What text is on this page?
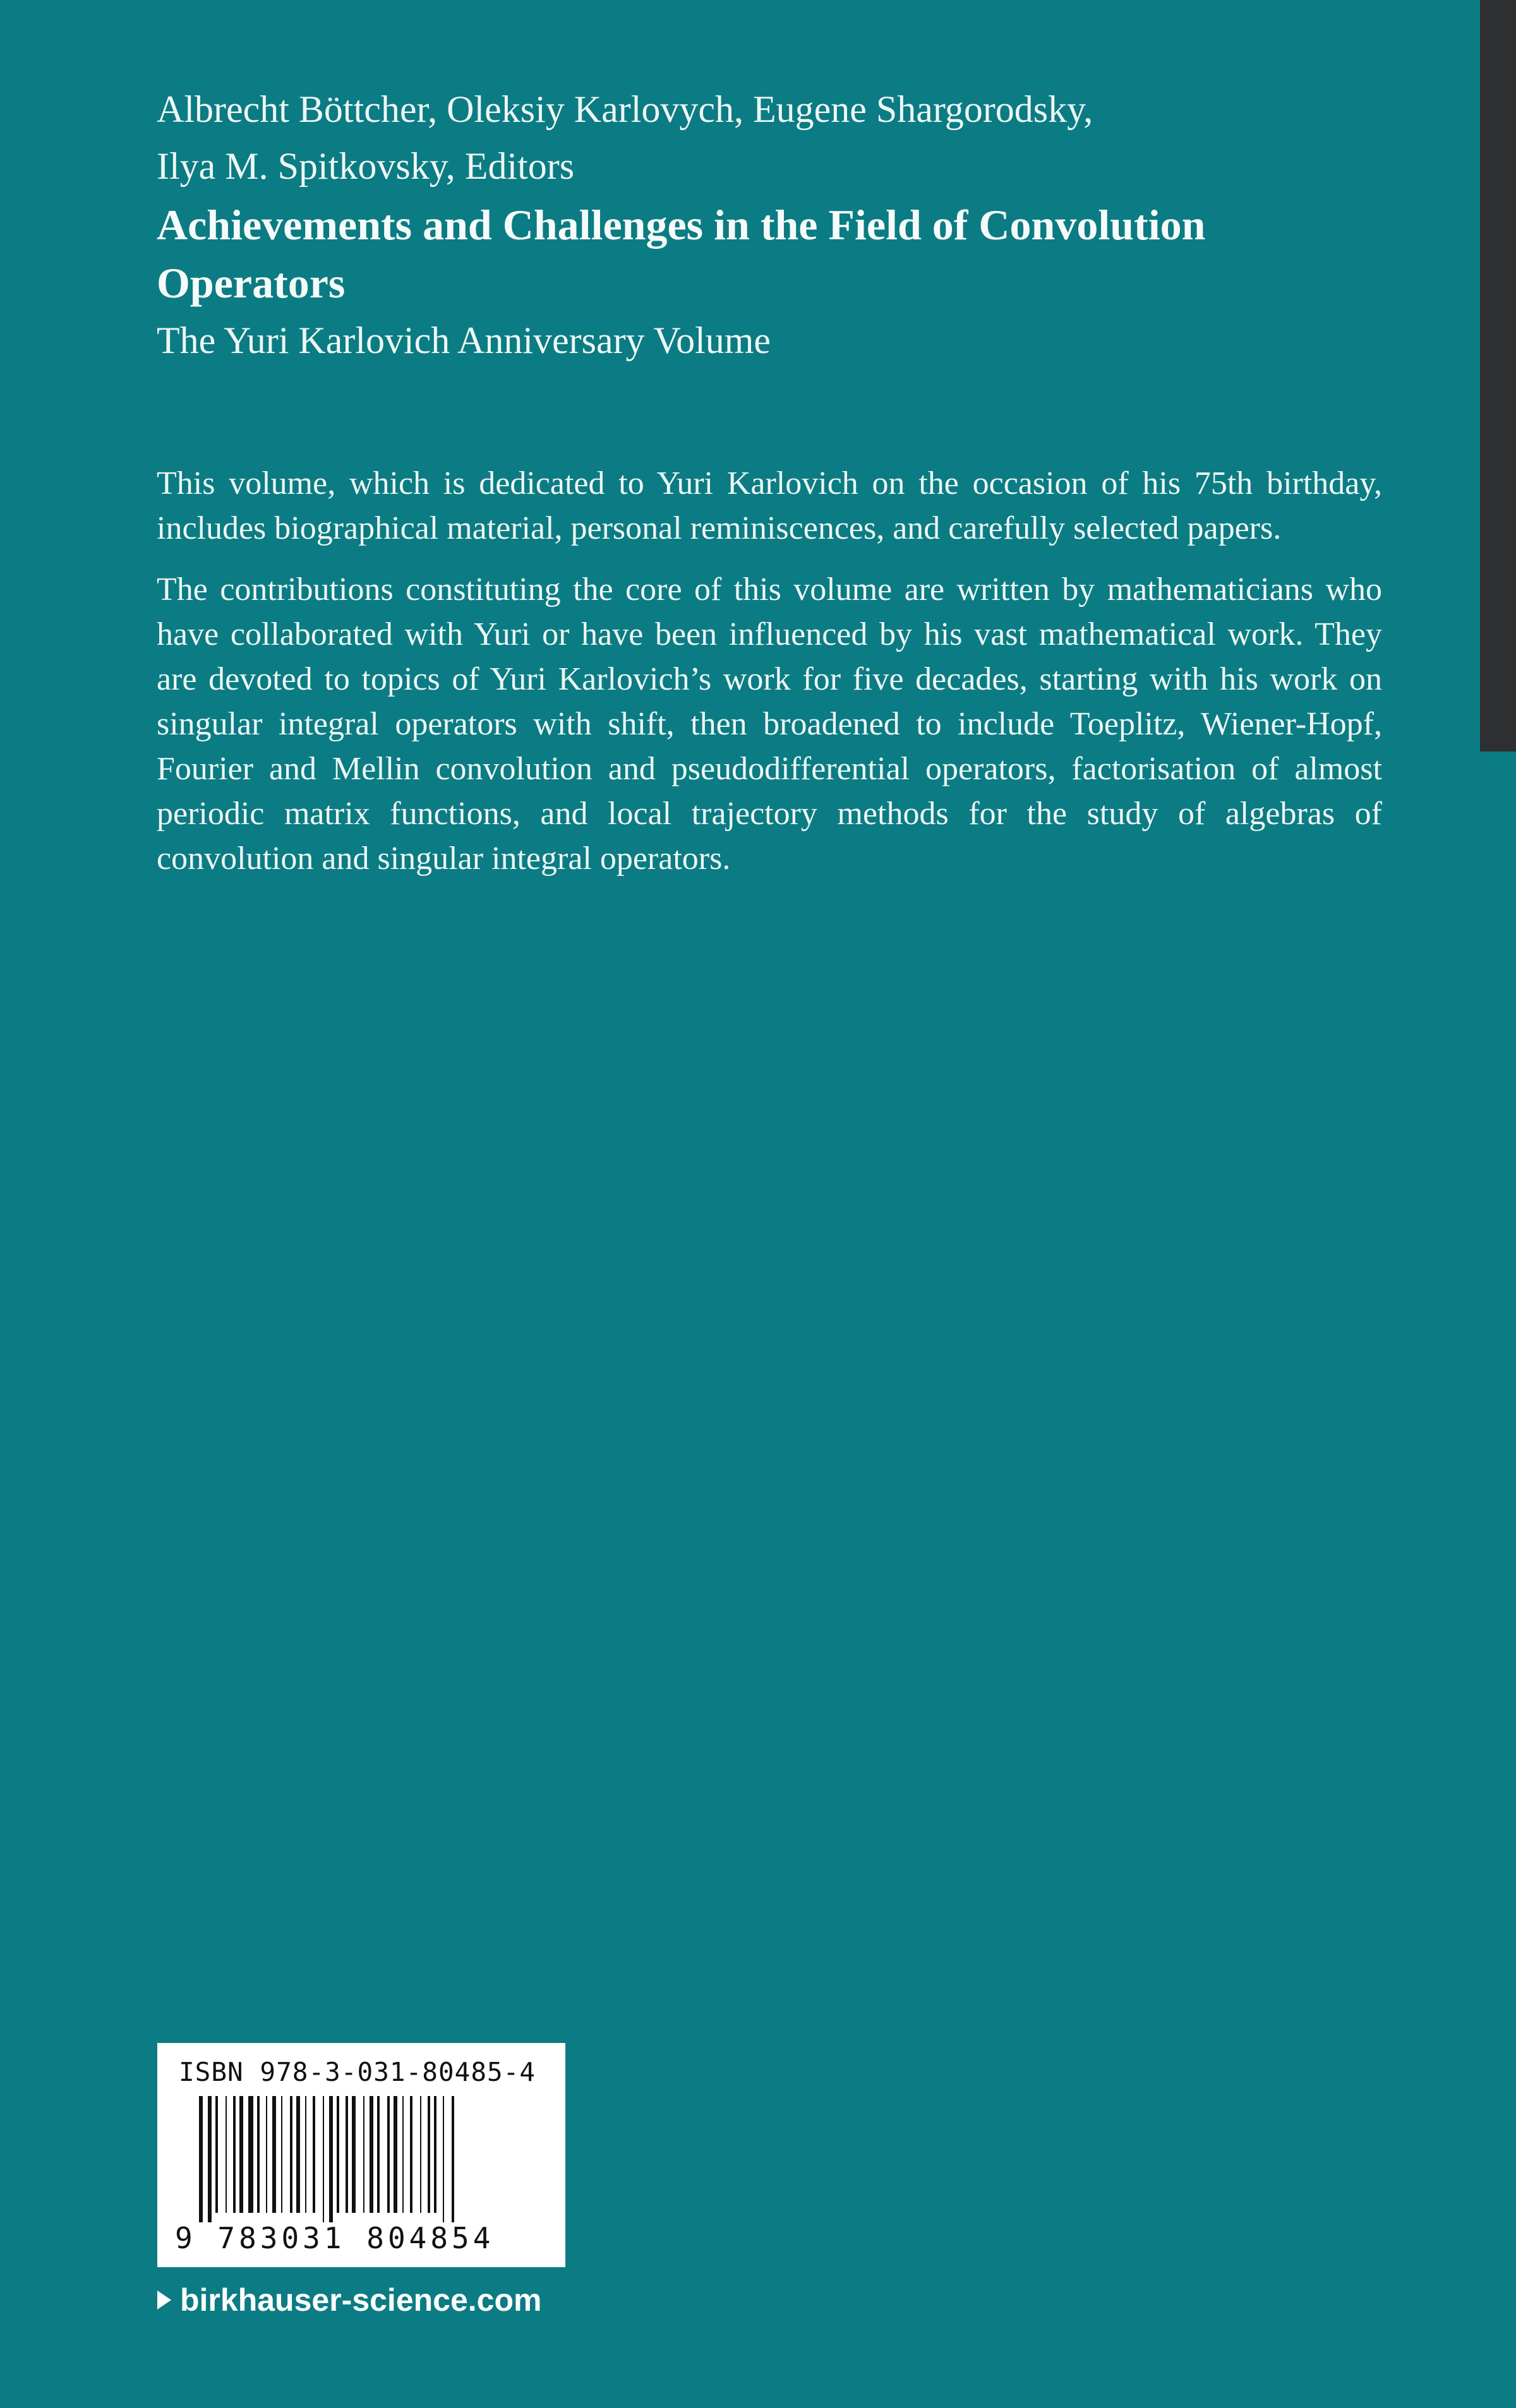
Albrecht Böttcher, Oleksiy Karlovych, Eugene Shargorodsky,

Ilya M. Spitkovsky, Editors

Achievements and Challenges in the Field of Convolution
Operators

The Yuri Karlovich Anniversary Volume

This volume, which is dedicated to Yuri Karlovich on the occasion of his 75th birthday, includes biographical material, personal reminiscences, and carefully selected papers.

The contributions constituting the core of this volume are written by mathematicians who have collaborated with Yuri or have been influenced by his vast mathematical work. They are devoted to topics of Yuri Karlovich’s work for five decades, starting with his work on singular integral operators with shift, then broadened to include Toeplitz, Wiener-Hopf, Fourier and Mellin convolution and pseudodifferential operators, factorisation of almost periodic matrix functions, and local trajectory methods for the study of algebras of convolution and singular integral operators.

ISBN 978-3-031-80485-4
9 783031 804854
birkhauser-science.com
